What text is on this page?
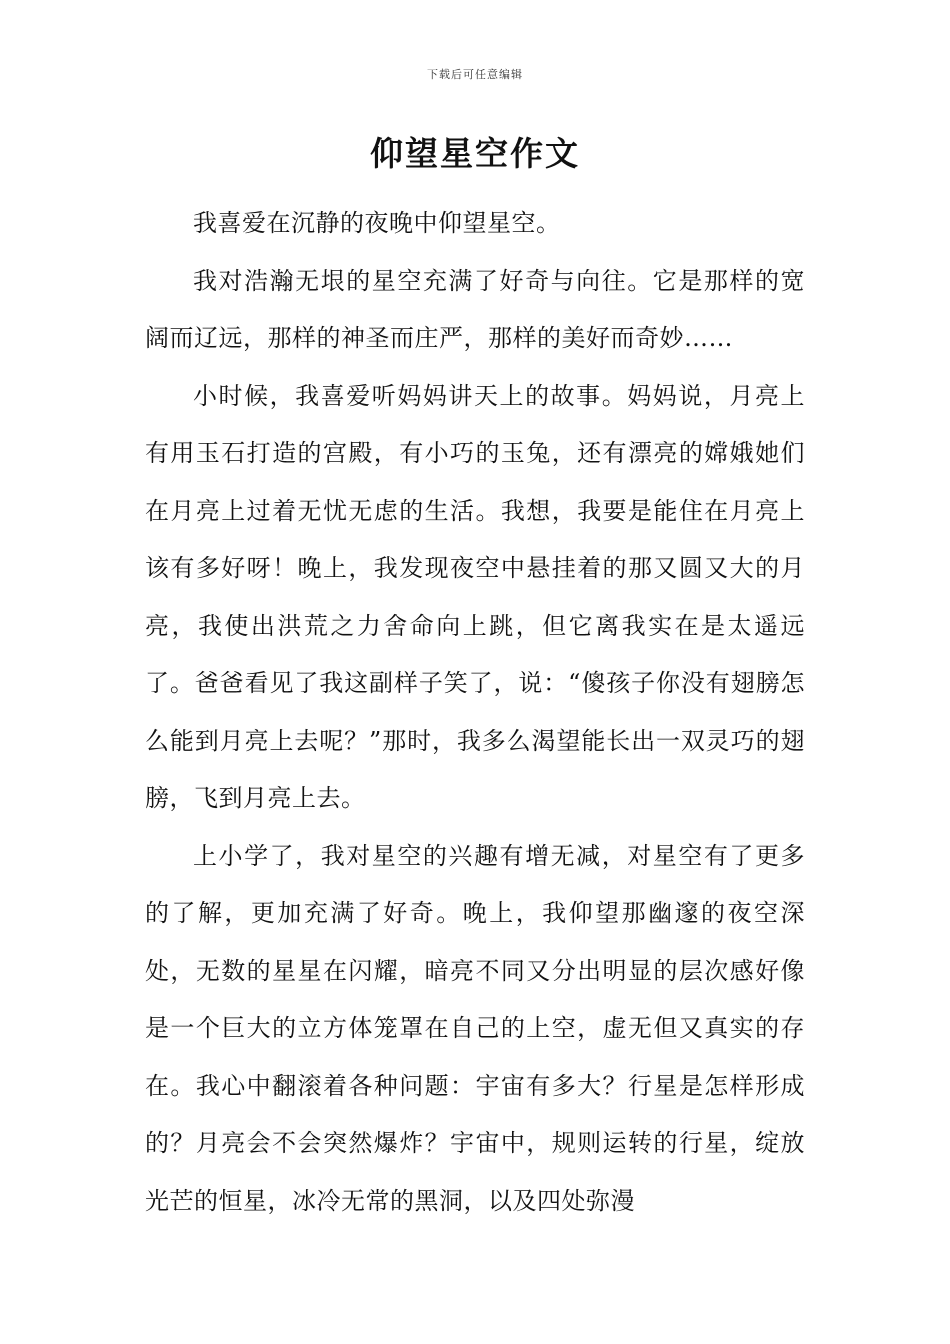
下载后可任意编辑
仰望星空作文

我喜爱在沉静的夜晚中仰望星空。

我对浩瀚无垠的星空充满了好奇与向往。它是那样的宽阔而辽远，那样的神圣而庄严，那样的美好而奇妙……

小时候，我喜爱听妈妈讲天上的故事。妈妈说，月亮上有用玉石打造的宫殿，有小巧的玉兔，还有漂亮的嫦娥她们在月亮上过着无忧无虑的生活。我想，我要是能住在月亮上该有多好呀！晚上，我发现夜空中悬挂着的那又圆又大的月亮，我使出洪荒之力舍命向上跳，但它离我实在是太遥远了。爸爸看见了我这副样子笑了，说：“傻孩子你没有翅膀怎么能到月亮上去呢？”那时，我多么渴望能长出一双灵巧的翅膀，飞到月亮上去。

上小学了，我对星空的兴趣有增无减，对星空有了更多的了解，更加充满了好奇。晚上，我仰望那幽邃的夜空深处，无数的星星在闪耀，暗亮不同又分出明显的层次感好像是一个巨大的立方体笼罩在自己的上空，虚无但又真实的存在。我心中翻滚着各种问题：宇宙有多大？行星是怎样形成的？月亮会不会突然爆炸？宇宙中，规则运转的行星，绽放光芒的恒星，冰冷无常的黑洞，以及四处弥漫
